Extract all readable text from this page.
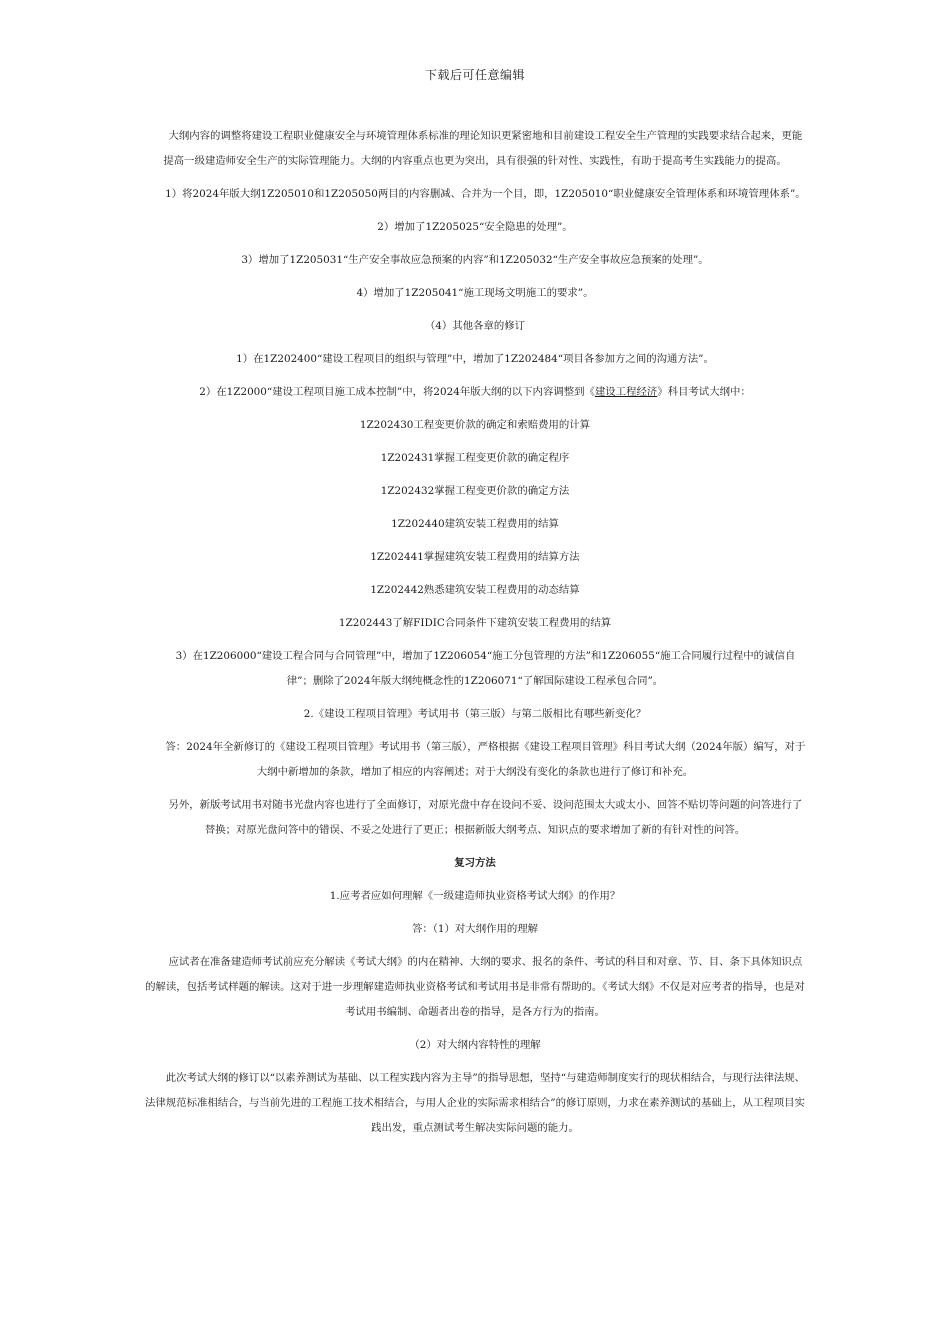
下载后可任意编辑

大纲内容的调整将建设工程职业健康安全与环境管理体系标准的理论知识更紧密地和目前建设工程安全生产管理的实践要求结合起来，更能提高一级建造师安全生产的实际管理能力。大纲的内容重点也更为突出，具有很强的针对性、实践性，有助于提高考生实践能力的提高。

1）将2024年版大纲1Z205010和1Z205050两目的内容删减、合并为一个目，即，1Z205010“职业健康安全管理体系和环境管理体系”。

2）增加了1Z205025“安全隐患的处理”。

3）增加了1Z205031“生产安全事故应急预案的内容”和1Z205032“生产安全事故应急预案的处理”。

4）增加了1Z205041“施工现场文明施工的要求”。

（4）其他各章的修订

1）在1Z202400“建设工程项目的组织与管理”中，增加了1Z202484“项目各参加方之间的沟通方法”。

2）在1Z2000“建设工程项目施工成本控制”中，将2024年版大纲的以下内容调整到《建设工程经济》科目考试大纲中：

1Z202430工程变更价款的确定和索赔费用的计算

1Z202431掌握工程变更价款的确定程序

1Z202432掌握工程变更价款的确定方法

1Z202440建筑安装工程费用的结算

1Z202441掌握建筑安装工程费用的结算方法

1Z202442熟悉建筑安装工程费用的动态结算

1Z202443了解FIDIC合同条件下建筑安装工程费用的结算

3）在1Z206000“建设工程合同与合同管理”中，增加了1Z206054“施工分包管理的方法”和1Z206055“施工合同履行过程中的诚信自律”；删除了2024年版大纲纯概念性的1Z206071“了解国际建设工程承包合同”。

2.《建设工程项目管理》考试用书（第三版）与第二版相比有哪些新变化？

答：2024年全新修订的《建设工程项目管理》考试用书（第三版），严格根据《建设工程项目管理》科目考试大纲（2024年版）编写，对于大纲中新增加的条款，增加了相应的内容阐述；对于大纲没有变化的条款也进行了修订和补充。

另外，新版考试用书对随书光盘内容也进行了全面修订，对原光盘中存在设问不妥、设问范围太大或太小、回答不贴切等问题的问答进行了替换；对原光盘问答中的错误、不妥之处进行了更正；根据新版大纲考点、知识点的要求增加了新的有针对性的问答。

复习方法

1.应考者应如何理解《一级建造师执业资格考试大纲》的作用？

答：（1）对大纲作用的理解

应试者在准备建造师考试前应充分解读《考试大纲》的内在精神、大纲的要求、报名的条件、考试的科目和对章、节、目、条下具体知识点的解读，包括考试样题的解读。这对于进一步理解建造师执业资格考试和考试用书是非常有帮助的。《考试大纲》不仅是对应考者的指导，也是对考试用书编制、命题者出卷的指导，是各方行为的指南。

（2）对大纲内容特性的理解

此次考试大纲的修订以“以素养测试为基础、以工程实践内容为主导”的指导思想，坚持“与建造师制度实行的现状相结合，与现行法律法规、法律规范标准相结合，与当前先进的工程施工技术相结合，与用人企业的实际需求相结合”的修订原则，力求在素养测试的基础上，从工程项目实践出发，重点测试考生解决实际问题的能力。
